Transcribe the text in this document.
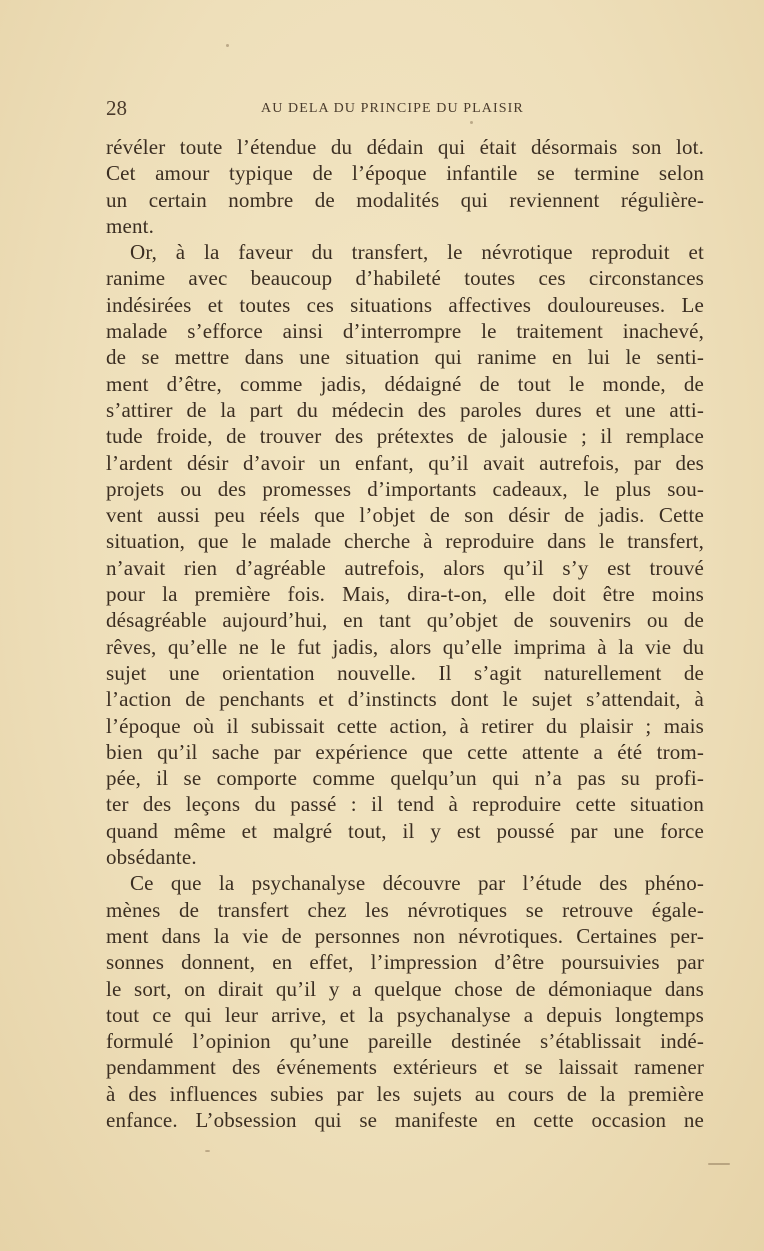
28	AU DELA DU PRINCIPE DU PLAISIR
révéler toute l’étendue du dédain qui était désormais son lot.
Cet amour typique de l’époque infantile se termine selon
un certain nombre de modalités qui reviennent régulière-
ment.
Or, à la faveur du transfert, le névrotique reproduit et
ranime avec beaucoup d’habileté toutes ces circonstances
indésirées et toutes ces situations affectives douloureuses. Le
malade s’efforce ainsi d’interrompre le traitement inachevé,
de se mettre dans une situation qui ranime en lui le senti-
ment d’être, comme jadis, dédaigné de tout le monde, de
s’attirer de la part du médecin des paroles dures et une atti-
tude froide, de trouver des prétextes de jalousie ; il remplace
l’ardent désir d’avoir un enfant, qu’il avait autrefois, par des
projets ou des promesses d’importants cadeaux, le plus sou-
vent aussi peu réels que l’objet de son désir de jadis. Cette
situation, que le malade cherche à reproduire dans le transfert,
n’avait rien d’agréable autrefois, alors qu’il s’y est trouvé
pour la première fois. Mais, dira-t-on, elle doit être moins
désagréable aujourd’hui, en tant qu’objet de souvenirs ou de
rêves, qu’elle ne le fut jadis, alors qu’elle imprima à la vie du
sujet une orientation nouvelle. Il s’agit naturellement de
l’action de penchants et d’instincts dont le sujet s’attendait, à
l’époque où il subissait cette action, à retirer du plaisir ; mais
bien qu’il sache par expérience que cette attente a été trom-
pée, il se comporte comme quelqu’un qui n’a pas su profi-
ter des leçons du passé : il tend à reproduire cette situation
quand même et malgré tout, il y est poussé par une force
obsédante.
Ce que la psychanalyse découvre par l’étude des phéno-
mènes de transfert chez les névrotiques se retrouve égale-
ment dans la vie de personnes non névrotiques. Certaines per-
sonnes donnent, en effet, l’impression d’être poursuivies par
le sort, on dirait qu’il y a quelque chose de démoniaque dans
tout ce qui leur arrive, et la psychanalyse a depuis longtemps
formulé l’opinion qu’une pareille destinée s’établissait indé-
pendamment des événements extérieurs et se laissait ramener
à des influences subies par les sujets au cours de la première
enfance. L’obsession qui se manifeste en cette occasion ne
